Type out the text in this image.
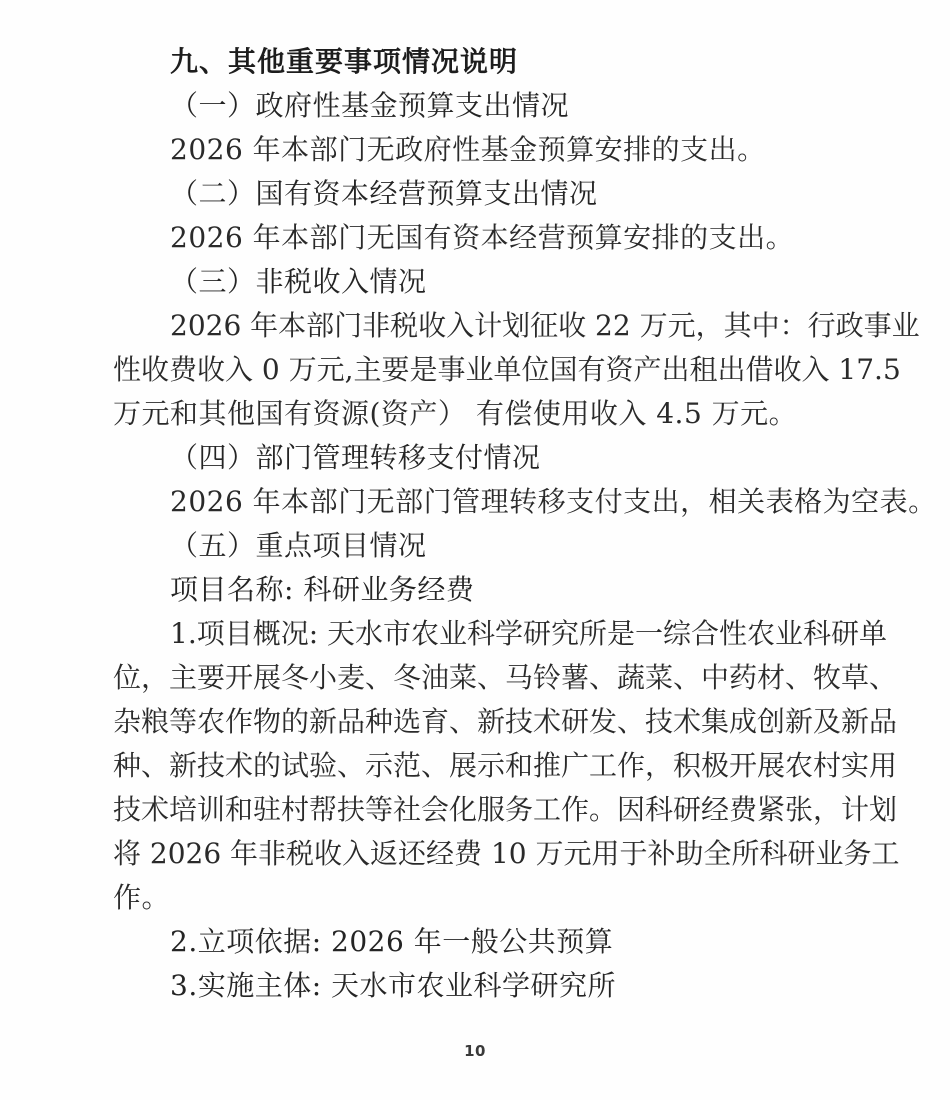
九、其他重要事项情况说明
（一）政府性基金预算支出情况
2026 年本部门无政府性基金预算安排的支出。
（二）国有资本经营预算支出情况
2026 年本部门无国有资本经营预算安排的支出。
（三）非税收入情况
2026 年本部门非税收入计划征收 22 万元，其中：行政事业
性收费收入 0 万元,主要是事业单位国有资产出租出借收入 17.5
万元和其他国有资源(资产） 有偿使用收入 4.5 万元。
（四）部门管理转移支付情况
2026 年本部门无部门管理转移支付支出，相关表格为空表。
（五）重点项目情况
项目名称: 科研业务经费
1.项目概况: 天水市农业科学研究所是一综合性农业科研单
位，主要开展冬小麦、冬油菜、马铃薯、蔬菜、中药材、牧草、
杂粮等农作物的新品种选育、新技术研发、技术集成创新及新品
种、新技术的试验、示范、展示和推广工作，积极开展农村实用
技术培训和驻村帮扶等社会化服务工作。因科研经费紧张，计划
将 2026 年非税收入返还经费 10 万元用于补助全所科研业务工
作。
2.立项依据: 2026 年一般公共预算
3.实施主体: 天水市农业科学研究所
10
